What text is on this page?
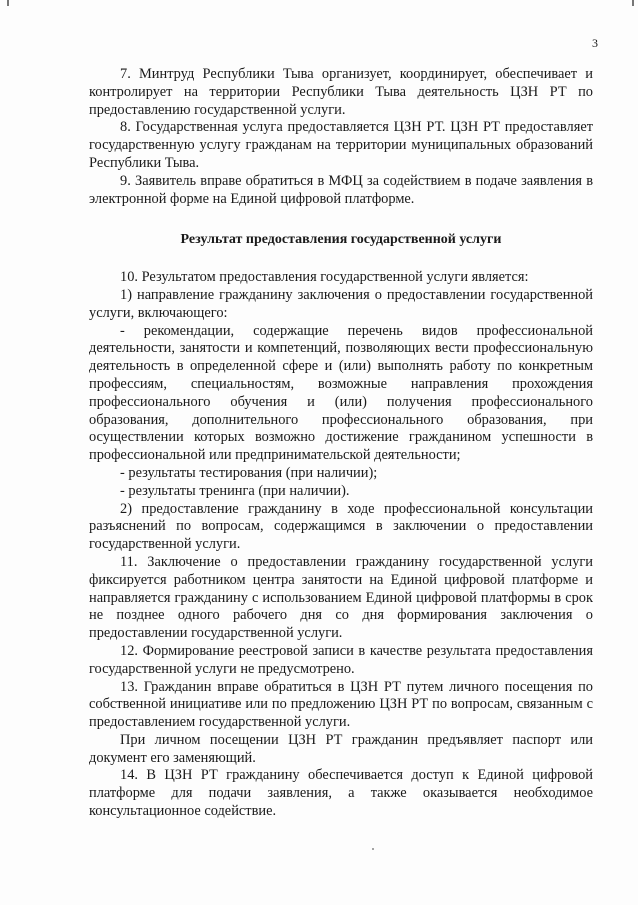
3

7. Минтруд Республики Тыва организует, координирует, обеспечивает и контролирует на территории Республики Тыва деятельность ЦЗН РТ по предоставлению государственной услуги.

8. Государственная услуга предоставляется ЦЗН РТ. ЦЗН РТ предоставляет государственную услугу гражданам на территории муниципальных образований Республики Тыва.

9. Заявитель вправе обратиться в МФЦ за содействием в подаче заявления в электронной форме на Единой цифровой платформе.

Результат предоставления государственной услуги

10. Результатом предоставления государственной услуги является:

1) направление гражданину заключения о предоставлении государственной услуги, включающего:

- рекомендации, содержащие перечень видов профессиональной деятельности, занятости и компетенций, позволяющих вести профессиональную деятельность в определенной сфере и (или) выполнять работу по конкретным профессиям, специальностям, возможные направления прохождения профессионального обучения и (или) получения профессионального образования, дополнительного профессионального образования, при осуществлении которых возможно достижение гражданином успешности в профессиональной или предпринимательской деятельности;

- результаты тестирования (при наличии);

- результаты тренинга (при наличии).

2) предоставление гражданину в ходе профессиональной консультации разъяснений по вопросам, содержащимся в заключении о предоставлении государственной услуги.

11. Заключение о предоставлении гражданину государственной услуги фиксируется работником центра занятости на Единой цифровой платформе и направляется гражданину с использованием Единой цифровой платформы в срок не позднее одного рабочего дня со дня формирования заключения о предоставлении государственной услуги.

12. Формирование реестровой записи в качестве результата предоставления государственной услуги не предусмотрено.

13. Гражданин вправе обратиться в ЦЗН РТ путем личного посещения по собственной инициативе или по предложению ЦЗН РТ по вопросам, связанным с предоставлением государственной услуги.

При личном посещении ЦЗН РТ гражданин предъявляет паспорт или документ его заменяющий.

14. В ЦЗН РТ гражданину обеспечивается доступ к Единой цифровой платформе для подачи заявления, а также оказывается необходимое консультационное содействие.
